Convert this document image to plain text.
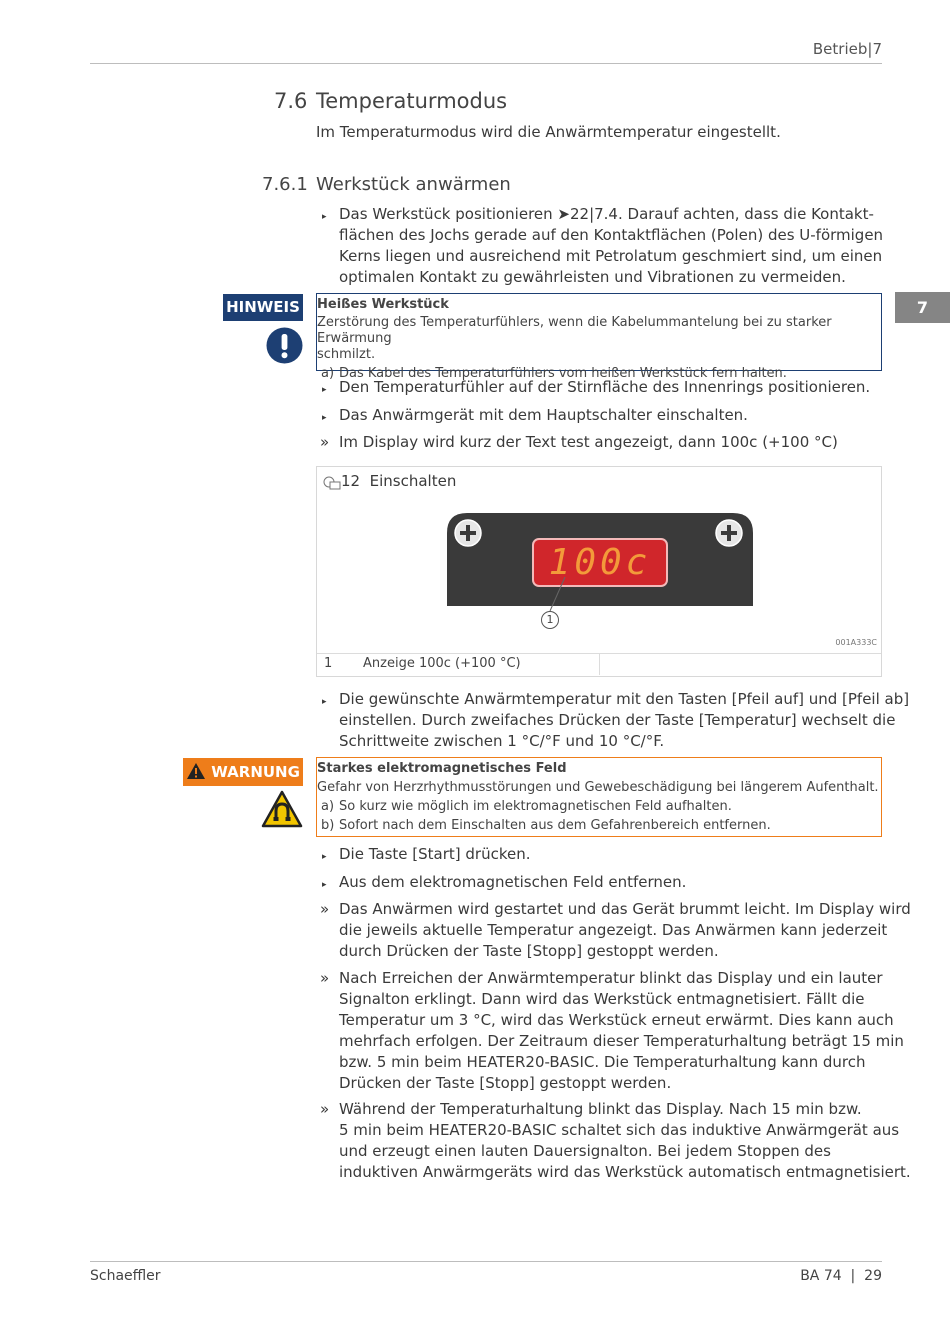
Betrieb|7
7
7.6 Temperaturmodus
Im Temperaturmodus wird die Anwärmtemperatur eingestellt.
7.6.1 Werkstück anwärmen
▸ Das Werkstück positionieren ➤22|7.4. Darauf achten, dass die Kontakt-
flächen des Jochs gerade auf den Kontaktflächen (Polen) des U-förmigen
Kerns liegen und ausreichend mit Petrolatum geschmiert sind, um einen
optimalen Kontakt zu gewährleisten und Vibrationen zu vermeiden.
HINWEIS Heißes Werkstück
Zerstörung des Temperaturfühlers, wenn die Kabelummantelung bei zu starker Erwärmung
schmilzt.
a) Das Kabel des Temperaturfühlers vom heißen Werkstück fern halten.
▸ Den Temperaturfühler auf der Stirnfläche des Innenrings positionieren.
▸ Das Anwärmgerät mit dem Hauptschalter einschalten.
» Im Display wird kurz der Text test angezeigt, dann 100c (+100 °C)
12 Einschalten
100c
1
001A333C
1 Anzeige 100c (+100 °C)
▸ Die gewünschte Anwärmtemperatur mit den Tasten [Pfeil auf] und [Pfeil ab]
einstellen. Durch zweifaches Drücken der Taste [Temperatur] wechselt die
Schrittweite zwischen 1 °C/°F und 10 °C/°F.
WARNUNG Starkes elektromagnetisches Feld
Gefahr von Herzrhythmusstörungen und Gewebeschädigung bei längerem Aufenthalt.
a) So kurz wie möglich im elektromagnetischen Feld aufhalten.
b) Sofort nach dem Einschalten aus dem Gefahrenbereich entfernen.
▸ Die Taste [Start] drücken.
▸ Aus dem elektromagnetischen Feld entfernen.
» Das Anwärmen wird gestartet und das Gerät brummt leicht. Im Display wird
die jeweils aktuelle Temperatur angezeigt. Das Anwärmen kann jederzeit
durch Drücken der Taste [Stopp] gestoppt werden.
» Nach Erreichen der Anwärmtemperatur blinkt das Display und ein lauter
Signalton erklingt. Dann wird das Werkstück entmagnetisiert. Fällt die
Temperatur um 3 °C, wird das Werkstück erneut erwärmt. Dies kann auch
mehrfach erfolgen. Der Zeitraum dieser Temperaturhaltung beträgt 15 min
bzw. 5 min beim HEATER20-BASIC. Die Temperaturhaltung kann durch
Drücken der Taste [Stopp] gestoppt werden.
» Während der Temperaturhaltung blinkt das Display. Nach 15 min bzw.
5 min beim HEATER20-BASIC schaltet sich das induktive Anwärmgerät aus
und erzeugt einen lauten Dauersignalton. Bei jedem Stoppen des
induktiven Anwärmgeräts wird das Werkstück automatisch entmagnetisiert.
Schaeffler	BA 74 | 29
